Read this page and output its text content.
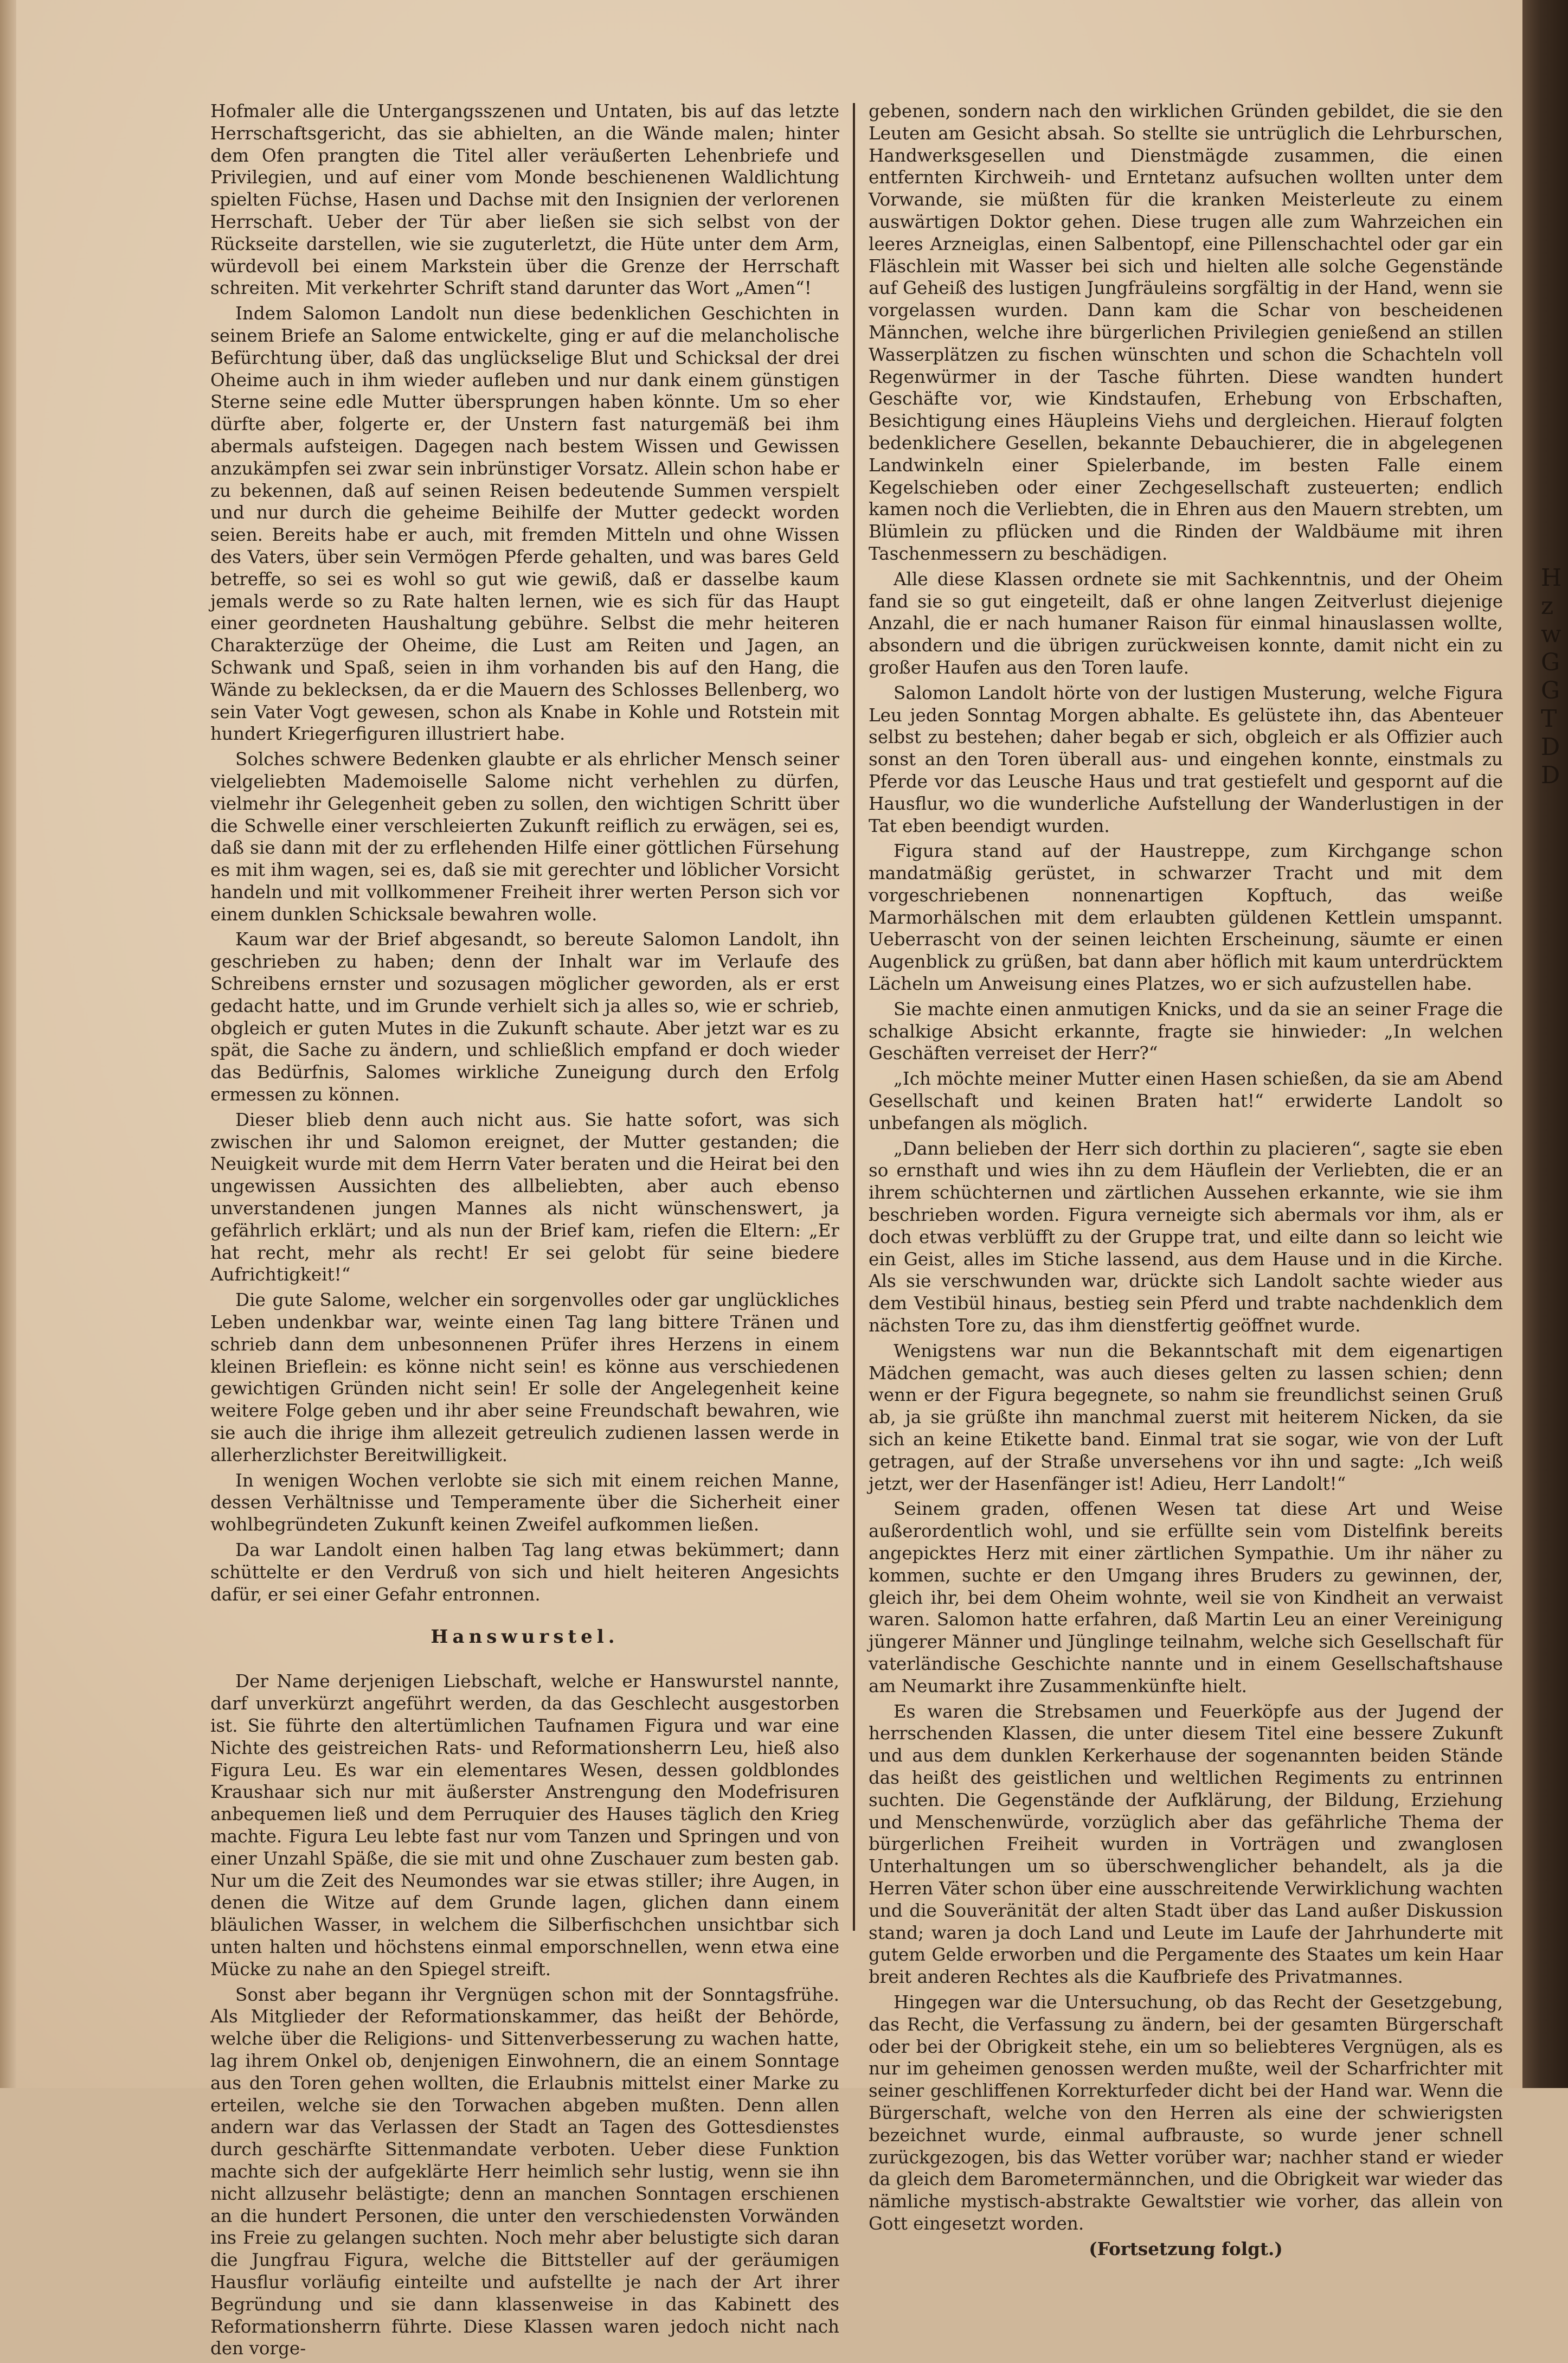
Hofmaler alle die Untergangsszenen und Untaten, bis auf das letzte Herrschaftsgericht, das sie abhielten, an die Wände malen; hinter dem Ofen prangten die Titel aller veräußerten Lehenbriefe und Privilegien, und auf einer vom Monde beschienenen Waldlichtung spielten Füchse, Hasen und Dachse mit den Insignien der verlorenen Herrschaft. Ueber der Tür aber ließen sie sich selbst von der Rückseite darstellen, wie sie zuguterletzt, die Hüte unter dem Arm, würdevoll bei einem Markstein über die Grenze der Herrschaft schreiten. Mit verkehrter Schrift stand darunter das Wort „Amen“!

Indem Salomon Landolt nun diese bedenklichen Geschichten in seinem Briefe an Salome entwickelte, ging er auf die melancholische Befürchtung über, daß das unglückselige Blut und Schicksal der drei Oheime auch in ihm wieder aufleben und nur dank einem günstigen Sterne seine edle Mutter übersprungen haben könnte. Um so eher dürfte aber, folgerte er, der Unstern fast naturgemäß bei ihm abermals aufsteigen. Dagegen nach bestem Wissen und Gewissen anzukämpfen sei zwar sein inbrünstiger Vorsatz. Allein schon habe er zu bekennen, daß auf seinen Reisen bedeutende Summen verspielt und nur durch die geheime Beihilfe der Mutter gedeckt worden seien. Bereits habe er auch, mit fremden Mitteln und ohne Wissen des Vaters, über sein Vermögen Pferde gehalten, und was bares Geld betreffe, so sei es wohl so gut wie gewiß, daß er dasselbe kaum jemals werde so zu Rate halten lernen, wie es sich für das Haupt einer geordneten Haushaltung gebühre. Selbst die mehr heiteren Charakterzüge der Oheime, die Lust am Reiten und Jagen, an Schwank und Spaß, seien in ihm vorhanden bis auf den Hang, die Wände zu beklecksen, da er die Mauern des Schlosses Bellenberg, wo sein Vater Vogt gewesen, schon als Knabe in Kohle und Rotstein mit hundert Kriegerfiguren illustriert habe.

Solches schwere Bedenken glaubte er als ehrlicher Mensch seiner vielgeliebten Mademoiselle Salome nicht verhehlen zu dürfen, vielmehr ihr Gelegenheit geben zu sollen, den wichtigen Schritt über die Schwelle einer verschleierten Zukunft reiflich zu erwägen, sei es, daß sie dann mit der zu erflehenden Hilfe einer göttlichen Fürsehung es mit ihm wagen, sei es, daß sie mit gerechter und löblicher Vorsicht handeln und mit vollkommener Freiheit ihrer werten Person sich vor einem dunklen Schicksale bewahren wolle.

Kaum war der Brief abgesandt, so bereute Salomon Landolt, ihn geschrieben zu haben; denn der Inhalt war im Verlaufe des Schreibens ernster und sozusagen möglicher geworden, als er erst gedacht hatte, und im Grunde verhielt sich ja alles so, wie er schrieb, obgleich er guten Mutes in die Zukunft schaute. Aber jetzt war es zu spät, die Sache zu ändern, und schließlich empfand er doch wieder das Bedürfnis, Salomes wirkliche Zuneigung durch den Erfolg ermessen zu können.

Dieser blieb denn auch nicht aus. Sie hatte sofort, was sich zwischen ihr und Salomon ereignet, der Mutter gestanden; die Neuigkeit wurde mit dem Herrn Vater beraten und die Heirat bei den ungewissen Aussichten des allbeliebten, aber auch ebenso unverstandenen jungen Mannes als nicht wünschenswert, ja gefährlich erklärt; und als nun der Brief kam, riefen die Eltern: „Er hat recht, mehr als recht! Er sei gelobt für seine biedere Aufrichtigkeit!“

Die gute Salome, welcher ein sorgenvolles oder gar unglückliches Leben undenkbar war, weinte einen Tag lang bittere Tränen und schrieb dann dem unbesonnenen Prüfer ihres Herzens in einem kleinen Brieflein: es könne nicht sein! es könne aus verschiedenen gewichtigen Gründen nicht sein! Er solle der Angelegenheit keine weitere Folge geben und ihr aber seine Freundschaft bewahren, wie sie auch die ihrige ihm allezeit getreulich zudienen lassen werde in allerherzlichster Bereitwilligkeit.

In wenigen Wochen verlobte sie sich mit einem reichen Manne, dessen Verhältnisse und Temperamente über die Sicherheit einer wohlbegründeten Zukunft keinen Zweifel aufkommen ließen.

Da war Landolt einen halben Tag lang etwas bekümmert; dann schüttelte er den Verdruß von sich und hielt heiteren Angesichts dafür, er sei einer Gefahr entronnen.

Hanswurstel.

Der Name derjenigen Liebschaft, welche er Hanswurstel nannte, darf unverkürzt angeführt werden, da das Geschlecht ausgestorben ist. Sie führte den altertümlichen Taufnamen Figura und war eine Nichte des geistreichen Rats- und Reformationsherrn Leu, hieß also Figura Leu. Es war ein elementares Wesen, dessen goldblondes Kraushaar sich nur mit äußerster Anstrengung den Modefrisuren anbequemen ließ und dem Perruquier des Hauses täglich den Krieg machte. Figura Leu lebte fast nur vom Tanzen und Springen und von einer Unzahl Späße, die sie mit und ohne Zuschauer zum besten gab. Nur um die Zeit des Neumondes war sie etwas stiller; ihre Augen, in denen die Witze auf dem Grunde lagen, glichen dann einem bläulichen Wasser, in welchem die Silberfischchen unsichtbar sich unten halten und höchstens einmal emporschnellen, wenn etwa eine Mücke zu nahe an den Spiegel streift.

Sonst aber begann ihr Vergnügen schon mit der Sonntagsfrühe. Als Mitglieder der Reformationskammer, das heißt der Behörde, welche über die Religions- und Sittenverbesserung zu wachen hatte, lag ihrem Onkel ob, denjenigen Einwohnern, die an einem Sonntage aus den Toren gehen wollten, die Erlaubnis mittelst einer Marke zu erteilen, welche sie den Torwachen abgeben mußten. Denn allen andern war das Verlassen der Stadt an Tagen des Gottesdienstes durch geschärfte Sittenmandate verboten. Ueber diese Funktion machte sich der aufgeklärte Herr heimlich sehr lustig, wenn sie ihn nicht allzusehr belästigte; denn an manchen Sonntagen erschienen an die hundert Personen, die unter den verschiedensten Vorwänden ins Freie zu gelangen suchten. Noch mehr aber belustigte sich daran die Jungfrau Figura, welche die Bittsteller auf der geräumigen Hausflur vorläufig einteilte und aufstellte je nach der Art ihrer Begründung und sie dann klassenweise in das Kabinett des Reformationsherrn führte. Diese Klassen waren jedoch nicht nach den vorge-

gebenen, sondern nach den wirklichen Gründen gebildet, die sie den Leuten am Gesicht absah. So stellte sie untrüglich die Lehrburschen, Handwerksgesellen und Dienstmägde zusammen, die einen entfernten Kirchweih- und Erntetanz aufsuchen wollten unter dem Vorwande, sie müßten für die kranken Meisterleute zu einem auswärtigen Doktor gehen. Diese trugen alle zum Wahrzeichen ein leeres Arzneiglas, einen Salbentopf, eine Pillenschachtel oder gar ein Fläschlein mit Wasser bei sich und hielten alle solche Gegenstände auf Geheiß des lustigen Jungfräuleins sorgfältig in der Hand, wenn sie vorgelassen wurden. Dann kam die Schar von bescheidenen Männchen, welche ihre bürgerlichen Privilegien genießend an stillen Wasserplätzen zu fischen wünschten und schon die Schachteln voll Regenwürmer in der Tasche führten. Diese wandten hundert Geschäfte vor, wie Kindstaufen, Erhebung von Erbschaften, Besichtigung eines Häupleins Viehs und dergleichen. Hierauf folgten bedenklichere Gesellen, bekannte Debauchierer, die in abgelegenen Landwinkeln einer Spielerbande, im besten Falle einem Kegelschieben oder einer Zechgesellschaft zusteuerten; endlich kamen noch die Verliebten, die in Ehren aus den Mauern strebten, um Blümlein zu pflücken und die Rinden der Waldbäume mit ihren Taschenmessern zu beschädigen.

Alle diese Klassen ordnete sie mit Sachkenntnis, und der Oheim fand sie so gut eingeteilt, daß er ohne langen Zeitverlust diejenige Anzahl, die er nach humaner Raison für einmal hinauslassen wollte, absondern und die übrigen zurückweisen konnte, damit nicht ein zu großer Haufen aus den Toren laufe.

Salomon Landolt hörte von der lustigen Musterung, welche Figura Leu jeden Sonntag Morgen abhalte. Es gelüstete ihn, das Abenteuer selbst zu bestehen; daher begab er sich, obgleich er als Offizier auch sonst an den Toren überall aus- und eingehen konnte, einstmals zu Pferde vor das Leusche Haus und trat gestiefelt und gespornt auf die Hausflur, wo die wunderliche Aufstellung der Wanderlustigen in der Tat eben beendigt wurden.

Figura stand auf der Haustreppe, zum Kirchgange schon mandatmäßig gerüstet, in schwarzer Tracht und mit dem vorgeschriebenen nonnenartigen Kopftuch, das weiße Marmorhälschen mit dem erlaubten güldenen Kettlein umspannt. Ueberrascht von der seinen leichten Erscheinung, säumte er einen Augenblick zu grüßen, bat dann aber höflich mit kaum unterdrücktem Lächeln um Anweisung eines Platzes, wo er sich aufzustellen habe.

Sie machte einen anmutigen Knicks, und da sie an seiner Frage die schalkige Absicht erkannte, fragte sie hinwieder: „In welchen Geschäften verreiset der Herr?“

„Ich möchte meiner Mutter einen Hasen schießen, da sie am Abend Gesellschaft und keinen Braten hat!“ erwiderte Landolt so unbefangen als möglich.

„Dann belieben der Herr sich dorthin zu placieren“, sagte sie eben so ernsthaft und wies ihn zu dem Häuflein der Verliebten, die er an ihrem schüchternen und zärtlichen Aussehen erkannte, wie sie ihm beschrieben worden. Figura verneigte sich abermals vor ihm, als er doch etwas verblüfft zu der Gruppe trat, und eilte dann so leicht wie ein Geist, alles im Stiche lassend, aus dem Hause und in die Kirche. Als sie verschwunden war, drückte sich Landolt sachte wieder aus dem Vestibül hinaus, bestieg sein Pferd und trabte nachdenklich dem nächsten Tore zu, das ihm dienstfertig geöffnet wurde.

Wenigstens war nun die Bekanntschaft mit dem eigenartigen Mädchen gemacht, was auch dieses gelten zu lassen schien; denn wenn er der Figura begegnete, so nahm sie freundlichst seinen Gruß ab, ja sie grüßte ihn manchmal zuerst mit heiterem Nicken, da sie sich an keine Etikette band. Einmal trat sie sogar, wie von der Luft getragen, auf der Straße unversehens vor ihn und sagte: „Ich weiß jetzt, wer der Hasenfänger ist! Adieu, Herr Landolt!“

Seinem graden, offenen Wesen tat diese Art und Weise außerordentlich wohl, und sie erfüllte sein vom Distelfink bereits angepicktes Herz mit einer zärtlichen Sympathie. Um ihr näher zu kommen, suchte er den Umgang ihres Bruders zu gewinnen, der, gleich ihr, bei dem Oheim wohnte, weil sie von Kindheit an verwaist waren. Salomon hatte erfahren, daß Martin Leu an einer Vereinigung jüngerer Männer und Jünglinge teilnahm, welche sich Gesellschaft für vaterländische Geschichte nannte und in einem Gesellschaftshause am Neumarkt ihre Zusammenkünfte hielt.

Es waren die Strebsamen und Feuerköpfe aus der Jugend der herrschenden Klassen, die unter diesem Titel eine bessere Zukunft und aus dem dunklen Kerkerhause der sogenannten beiden Stände das heißt des geistlichen und weltlichen Regiments zu entrinnen suchten. Die Gegenstände der Aufklärung, der Bildung, Erziehung und Menschenwürde, vorzüglich aber das gefährliche Thema der bürgerlichen Freiheit wurden in Vorträgen und zwanglosen Unterhaltungen um so überschwenglicher behandelt, als ja die Herren Väter schon über eine ausschreitende Verwirklichung wachten und die Souveränität der alten Stadt über das Land außer Diskussion stand; waren ja doch Land und Leute im Laufe der Jahrhunderte mit gutem Gelde erworben und die Pergamente des Staates um kein Haar breit anderen Rechtes als die Kaufbriefe des Privatmannes.

Hingegen war die Untersuchung, ob das Recht der Gesetzgebung, das Recht, die Verfassung zu ändern, bei der gesamten Bürgerschaft oder bei der Obrigkeit stehe, ein um so beliebteres Vergnügen, als es nur im geheimen genossen werden mußte, weil der Scharfrichter mit seiner geschliffenen Korrekturfeder dicht bei der Hand war. Wenn die Bürgerschaft, welche von den Herren als eine der schwierigsten bezeichnet wurde, einmal aufbrauste, so wurde jener schnell zurückgezogen, bis das Wetter vorüber war; nachher stand er wieder da gleich dem Barometermännchen, und die Obrigkeit war wieder das nämliche mystisch-abstrakte Gewaltstier wie vorher, das allein von Gott eingesetzt worden.

(Fortsetzung folgt.)

H
z
w
G
G
T
D
D
